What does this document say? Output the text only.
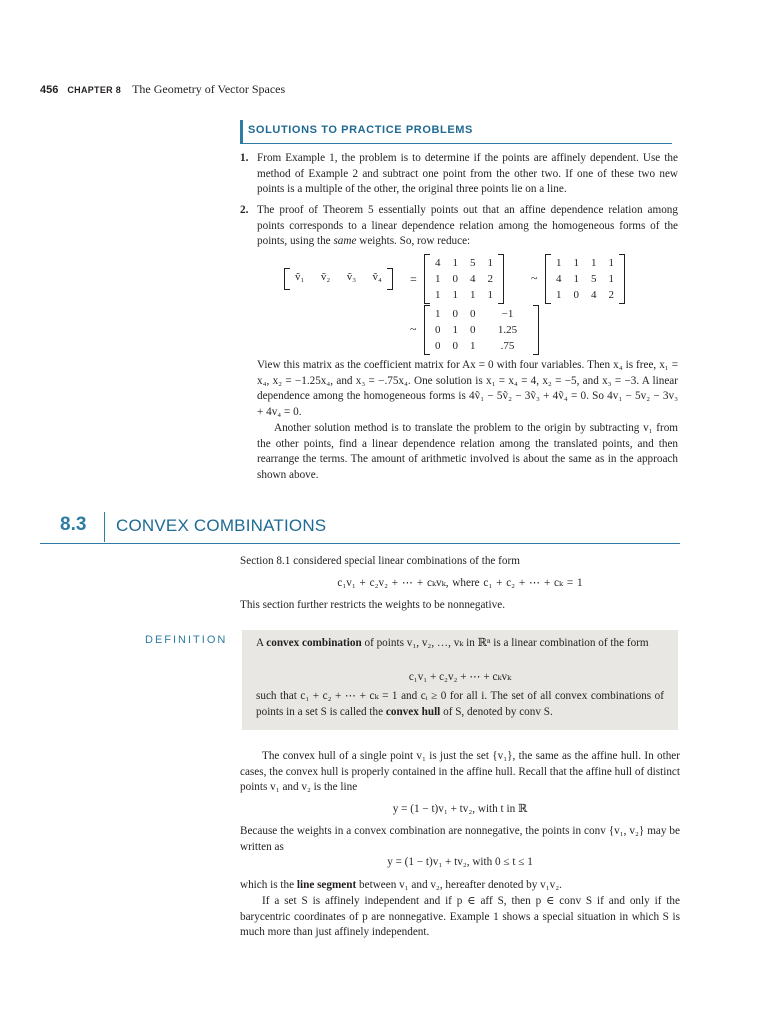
456 CHAPTER 8 The Geometry of Vector Spaces
SOLUTIONS TO PRACTICE PROBLEMS
1. From Example 1, the problem is to determine if the points are affinely dependent. Use the method of Example 2 and subtract one point from the other two. If one of these two new points is a multiple of the other, the original three points lie on a line.
2. The proof of Theorem 5 essentially points out that an affine dependence relation among points corresponds to a linear dependence relation among the homogeneous forms of the points, using the same weights. So, row reduce:
ṽ₁ ṽ₂ ṽ₃ ṽ₄	=
4	1	5	1
1	0	4	2
1	1	1	1
~
1	1	1	1
4	1	5	1
1	0	4	2
~
1	0	0	−1
0	1	0	1.25
0	0	1	.75
View this matrix as the coefficient matrix for Ax = 0 with four variables. Then x₄ is free, x₁ = x₄, x₂ = −1.25x₄, and x₃ = −.75x₄. One solution is x₁ = x₄ = 4, x₂ = −5, and x₃ = −3. A linear dependence among the homogeneous forms is 4ṽ₁ − 5ṽ₂ − 3ṽ₃ + 4ṽ₄ = 0. So 4v₁ − 5v₂ − 3v₃ + 4v₄ = 0.
Another solution method is to translate the problem to the origin by subtracting v₁ from the other points, find a linear dependence relation among the translated points, and then rearrange the terms. The amount of arithmetic involved is about the same as in the approach shown above.
8.3 CONVEX COMBINATIONS
Section 8.1 considered special linear combinations of the form
c₁v₁ + c₂v₂ + ⋯ + cₖvₖ, where c₁ + c₂ + ⋯ + cₖ = 1
This section further restricts the weights to be nonnegative.
DEFINITION	A convex combination of points v₁, v₂, …, vₖ in ℝⁿ is a linear combination of the form
c₁v₁ + c₂v₂ + ⋯ + cₖvₖ
such that c₁ + c₂ + ⋯ + cₖ = 1 and cᵢ ≥ 0 for all i. The set of all convex combinations of points in a set S is called the convex hull of S, denoted by conv S.
The convex hull of a single point v₁ is just the set {v₁}, the same as the affine hull. In other cases, the convex hull is properly contained in the affine hull. Recall that the affine hull of distinct points v₁ and v₂ is the line
y = (1 − t)v₁ + tv₂, with t in ℝ
Because the weights in a convex combination are nonnegative, the points in conv {v₁, v₂} may be written as
y = (1 − t)v₁ + tv₂, with 0 ≤ t ≤ 1
which is the line segment between v₁ and v₂, hereafter denoted by v₁v₂.
If a set S is affinely independent and if p ∈ aff S, then p ∈ conv S if and only if the barycentric coordinates of p are nonnegative. Example 1 shows a special situation in which S is much more than just affinely independent.
